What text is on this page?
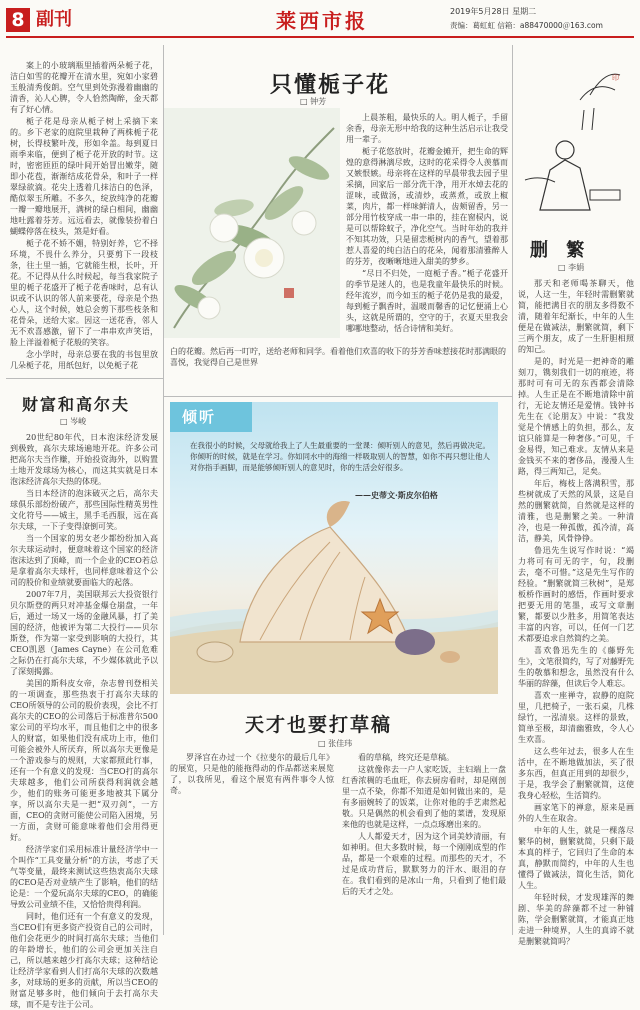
8 副刊	莱西市报	2019年5月28日 星期二
责编：葛虹虹 信箱：a88470000＠163.com
只懂栀子花
□ 钟芳

案上的小玻璃瓶里插着两朵栀子花，洁白如雪的花瓣开在清水里，宛如小家碧玉般清秀俊朗。空气里到处弥漫着幽幽的清香，沁人心脾，令人恰然陶醉，金天都有了好心情。

栀子花是母亲从栀子树上采摘下来的。乡下老家的庭院里栽种了两株栀子花树，长得枝繁叶茂，形如伞盖。每到夏日雨季来临，便到了栀子花开放的时节。这时，密密匝匝的绿叶间开始冒出嫩芽，随即小花苞，渐渐结成花骨朵，和叶子一样翠绿欲滴。花尖上透着几抹洁白的色泽，酷似翠玉所雕。不多久，绽放纯净的花瓣一瓣一瓣地展开，满树的绿白相间，幽幽地吐露着芬芳。远远看去，就像装扮着白蝴蝶停落在枝头，煞是好看。

栀子花不娇不媚，特别好养，它不择环境，不畏什么养分，只要剪下一段枝条，往土里一插，它就能生根，长叶，开花。不记得从什么时候起，每当我家院子里的栀子花盛开了栀子花香味时，总有认识或不认识的邻人前来要花，母亲是个热心人，这个时候，她总会剪下那些枝条和花骨朵，送给大家。因这一送花香，邻人无不欢喜感激，留下了一串串欢声笑语，脸上洋溢着栀子花般的笑容。

念小学时，母亲总要在我的书包里放几朵栀子花，用纸包好，以免栀子花

上晨茶粗，最快乐的人。明人栀子，手留余香，母亲无形中给我的这种生活启示让我受用一辈子。

栀子花悠放时，花瓣金摊开，把生命的辉煌的意得淋漓尽致，这时的花采得令人羡慕而又嫉恨嫉。母亲将在这样的早晨带我去园子里采摘，回家后一部分洗干净，用开水焯去花的涩味，或做汤，或清炒，或蒸煮，或放上椒菜，肉片，都一样味鲜清人，齿颊留香，另一部分用竹枝穿成一串一串的，挂在窗棂内，说是可以帮除蚊子，净化空气。当时年幼的我并不知其功效，只是留恋栀树内的香气，望着那惹人喜爱的纯白洁白的花朵，闻着那清雅醉人的芬芳，夜晰晰地进入甜美的梦乡。

“尽日不归处，一庭栀子香。”栀子花盛开的季节是迷人的，也是我童年最快乐的时候。经年流岁，而今如玉的栀子花仍是我的最爱，每到栀子飘香时，温暖而馨香的记忆便涌上心头，这就是所谓的，空守的于，衣夏天里我会哪哪地整动，恬合诗情和美好。

白的花瓣。然后再一叮咛，送给老师和同学。看着他们欢喜的收下的芬芳香味惹接花时那满眼的喜悦，我觉得自己是世界

财富和高尔夫
□ 岑峻

20世纪80年代，日本泡沫经济发展到极致，高尔夫球场遍地开花。许多公司把高尔夫当作赚，开始投资海外，以购置土地开发球场为核心，而这其实就是日本泡沫经济高尔夫热的体现。

当日本经济的泡沫破灭之后，高尔夫球俱乐部纷纷破产，那些国际性精英男性文化符号——城主，黑手毛西服，远在高尔夫球，一下子变得潦倒可笑。

当一个国家的男女老少都纷纷加入高尔夫球运动时，便意味着这个国家的经济泡沫达到了顶峰，而一个企业的CEO若总是拿着高尔夫球杆，也同样意味着这个公司的股价和业绩就要面临大的起落。

2007年7月，美国联邦云大投资银行贝尔斯登的两只对冲基金爆仓崩盘，一年后，通过一场又一场的金融风暴，打了美国的经济，他被评为第二大投行——贝尔斯登，作为第一家受到影响的大投行，其CEO凯恩（James Cayne）在公司危难之际仍在打高尔夫球，不少媒体就此予以了深刻揭露。

美国的斯科皮女帝，杂志曾刊登相关的一项调查，那些热衷于打高尔夫球的CEO所领导的公司的股价表现，会比不打高尔夫的CEO的公司落后于标准普尔500家公司的平均水平，而且他们之中的很多人的财富，如果他们没有成功上市，他们可能会被外人所厌弃，所以高尔夫更像是一个游戏参与的规则，大家都照此行事，还有一个有意义的发现：当CEO打的高尔夫球越多，他们公司所获得利润就会越少，他们的账务可能更多地被其下属分享，所以高尔夫是一把“双刃剑”，一方面，CEO的贪财可能使公司陷入困境，另一方面，贪财可能意味着他们会用得更好。

经济学家们采用标准计量经济学中一个叫作“工具变量分析”的方法，考虑了天气等变量，最终来测试这些热衷高尔夫球的CEO是否对业绩产生了影响，他们的结论是：一个爱玩高尔夫球的CEO，的确能导致公司业绩不佳，又恰恰贵得利润。

同时，他们还有一个有意义的发现，当CEO们有更多资产投资自己的公司时，他们会花更少的时间打高尔夫球；当他们的年龄增长，他们的公司会更加关注自己，所以越来越少打高尔夫球；这种结论让经济学家看到人们打高尔夫球的次数越多，对球场的更多的贡献，所以当CEO的财富足够多时，他们倾向于去打高尔夫球，而不是专注于公司。

印
删 繁
□ 李娟

那天和老师喝茶聊天，他说，人这一生，年轻时需删繁就简，能把满目衣的朋友多得数不清，随着年纪渐长，中年的人生便是在做减法，删繁就简，剩下三两个朋友，成了一生肝胆相照的知己。

是的，时光是一把神奇的雕刻刀，镌刻我们一切的痕迹，将那时可有可无的东西都会清除掉。人生正是在不断地清除中前行，无论友情还是爱情。钱钟书先生在《论朋友》中说：“我发觉是个情感上的负担，那么，友谊只能算是一种奢侈。”可见，千金易得，知己难求。友情从来是金钱买不来的奢侈品，漫漫人生路，得三两知己，足矣。

年后，梅枝上落满积雪，那些树就成了天然的风景，这是自然的删繁就简，自然就是这样的清雅，也是删繁之美。一种清冷，也是一种孤傲，孤冷清，高洁，静美，风骨铮铮。

鲁迅先生说写作时说：“竭力将可有可无的字，句，段删去，毫不可惜。”这是先生写作的经验。“删繁就简三秋树”，是郑板桥作画时的感悟，作画时要求把要无用的笔墨，或写文章删繁，都要以少胜多，用简笔表达丰富的内容，可以，任何一门艺术都要追求自然简约之美。

喜欢鲁迅先生的《藤野先生》，文笔很简约，写了对藤野先生的敬慕和想念，虽然没有什么华丽的辞藻，但读后令人难忘。

喜欢一座禅寺，寂静的庭院里，几把椅子，一张石桌，几株绿竹，一泓清泉。这样的景致，简单至极，却清幽雅致，令人心生欢喜。

这么些年过去，很多人在生活中，在不断地做加法，买了很多东西，但真正用到的却很少，于是，我学会了删繁就简，这使我身心轻松，生活简约。

画家笔下的禅意，原来是画外的人生在取舍。

中年的人生，就是一棵落尽繁华的树，删繁就简，只剩下最本真的样子，它回归了生命的本真，静默而简约，中年的人生也懂得了做减法，简化生活，简化人生。

年轻时候，才发现雄浑的舞剧、华美的辞藻都不过一种铺陈，学会删繁就简，才能真正地走进一种境界，人生的真谛不就是删繁就简吗？

倾听
在我很小的时候，父母就给我上了人生最重要的一堂课：倾听别人的意见，然后再做决定。你倾听的时候，就是在学习。你如同水中的海绵一样吸取别人的智慧，如你不再只想让他人对你指手画脚，而是能够倾听别人的意见时，你的生活会好很多。
——史蒂文·斯皮尔伯格
天才也要打草稿
□ 张佳玮

罗泽宫在办过一个《拉斐尔的最后几年》的展览，只是他的能拖得动的作品都送来展览了，以我所见，看这个展览有两件事令人惊奇。

看的草稿，终究还是草稿。

这就像你去一户人家吃饭，主妇端上一盘红香浓稠的毛血旺，你去厨房看时，却是刚剖里一点不染，你都不知道是如何做出来的，是有多丽婉转了的饭菜，让你对他的手艺肃然起敬。只是偶然的机会看到了他的菜谱，发现原来他的也就是这样，一点点琢磨出来的。

人人都爱天才，因为这个词美妙清丽，有如神明。但大多数时候，每一个刚刚成型的作品，都是一个艰难的过程。而那些的天才，不过是成功背后，默默努力的汗水、眼泪的存在。我们看到的是冰山一角，只看到了他们最后的天才之处。
